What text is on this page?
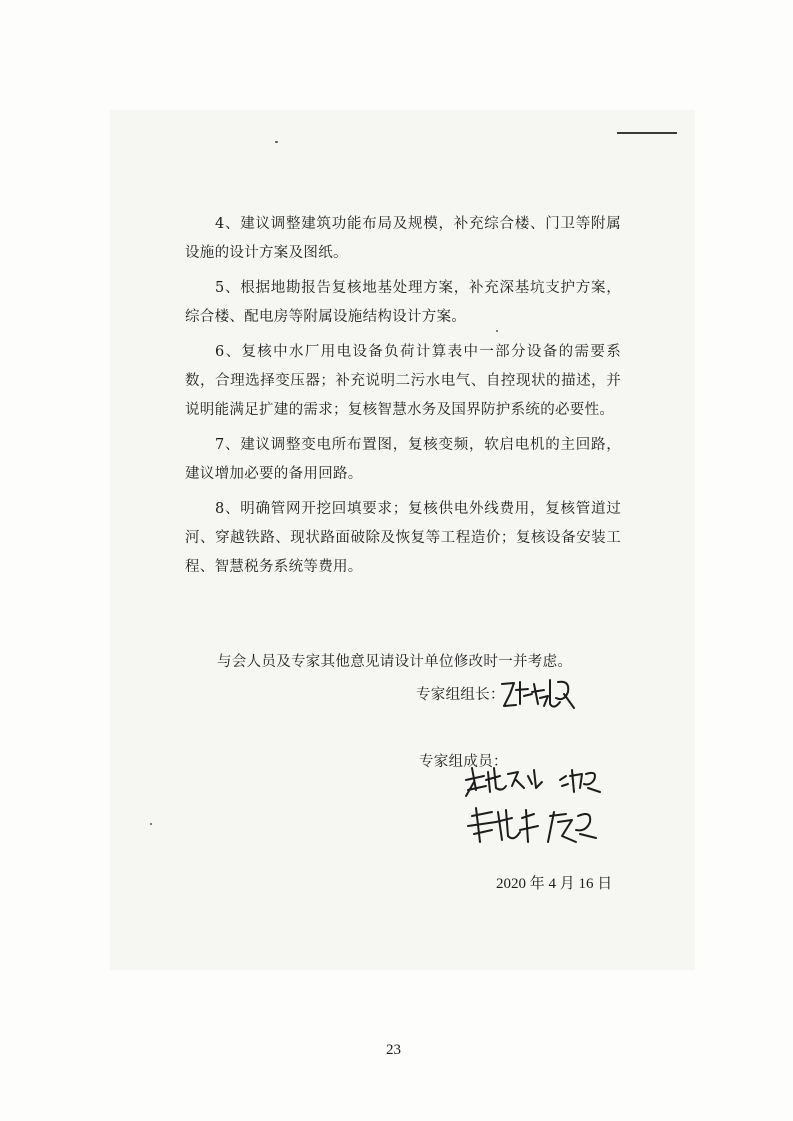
4、建议调整建筑功能布局及规模，补充综合楼、门卫等附属设施的设计方案及图纸。

5、根据地勘报告复核地基处理方案，补充深基坑支护方案，综合楼、配电房等附属设施结构设计方案。

6、复核中水厂用电设备负荷计算表中一部分设备的需要系数，合理选择变压器；补充说明二污水电气、自控现状的描述，并说明能满足扩建的需求；复核智慧水务及国界防护系统的必要性。

7、建议调整变电所布置图，复核变频，软启电机的主回路，建议增加必要的备用回路。

8、明确管网开挖回填要求；复核供电外线费用，复核管道过河、穿越铁路、现状路面破除及恢复等工程造价；复核设备安装工程、智慧税务系统等费用。

与会人员及专家其他意见请设计单位修改时一并考虑。
专家组组长：
专家组成员：
2020 年 4 月 16 日
23
